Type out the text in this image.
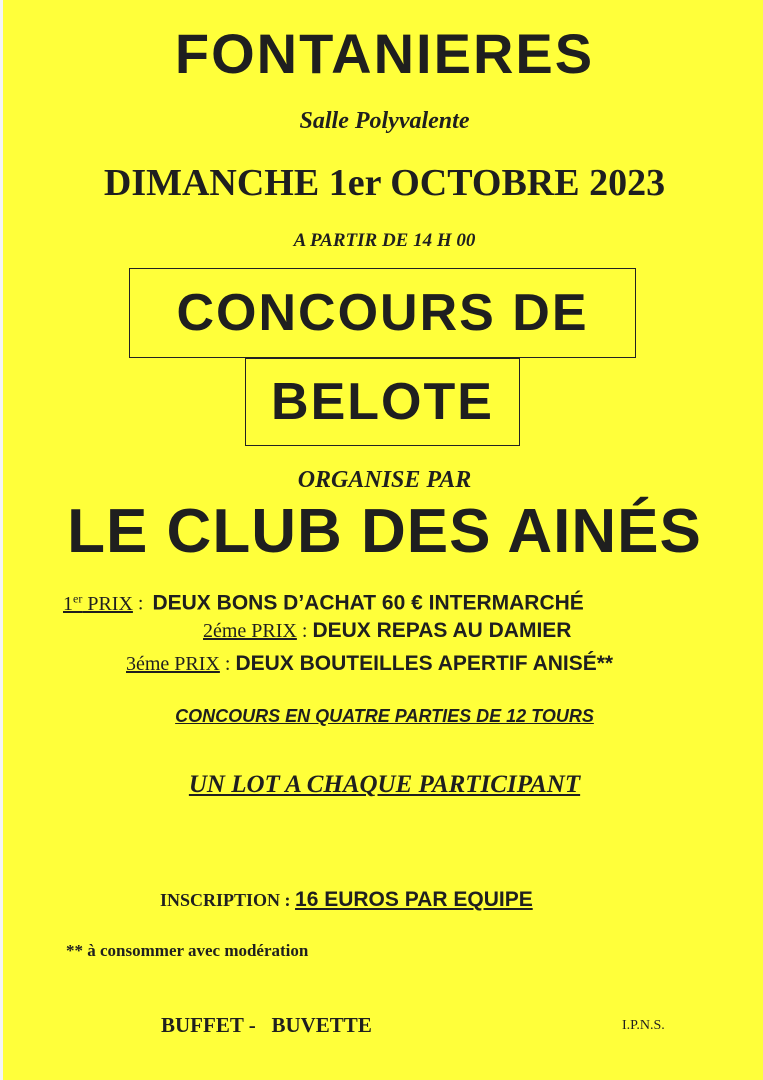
FONTANIERES
Salle Polyvalente
DIMANCHE 1er OCTOBRE 2023
A PARTIR DE 14 H 00
CONCOURS DE
BELOTE
ORGANISE PAR
LE CLUB DES AINÉS
1er PRIX :  DEUX BONS D’ACHAT 60 € INTERMARCHÉ
2éme PRIX : DEUX REPAS AU DAMIER
3éme PRIX : DEUX BOUTEILLES APERTIF ANISÉ**
CONCOURS EN QUATRE PARTIES DE 12 TOURS
UN LOT A CHAQUE PARTICIPANT
INSCRIPTION : 16 EUROS PAR EQUIPE
** à consommer avec modération
BUFFET -   BUVETTE	I.P.N.S.
